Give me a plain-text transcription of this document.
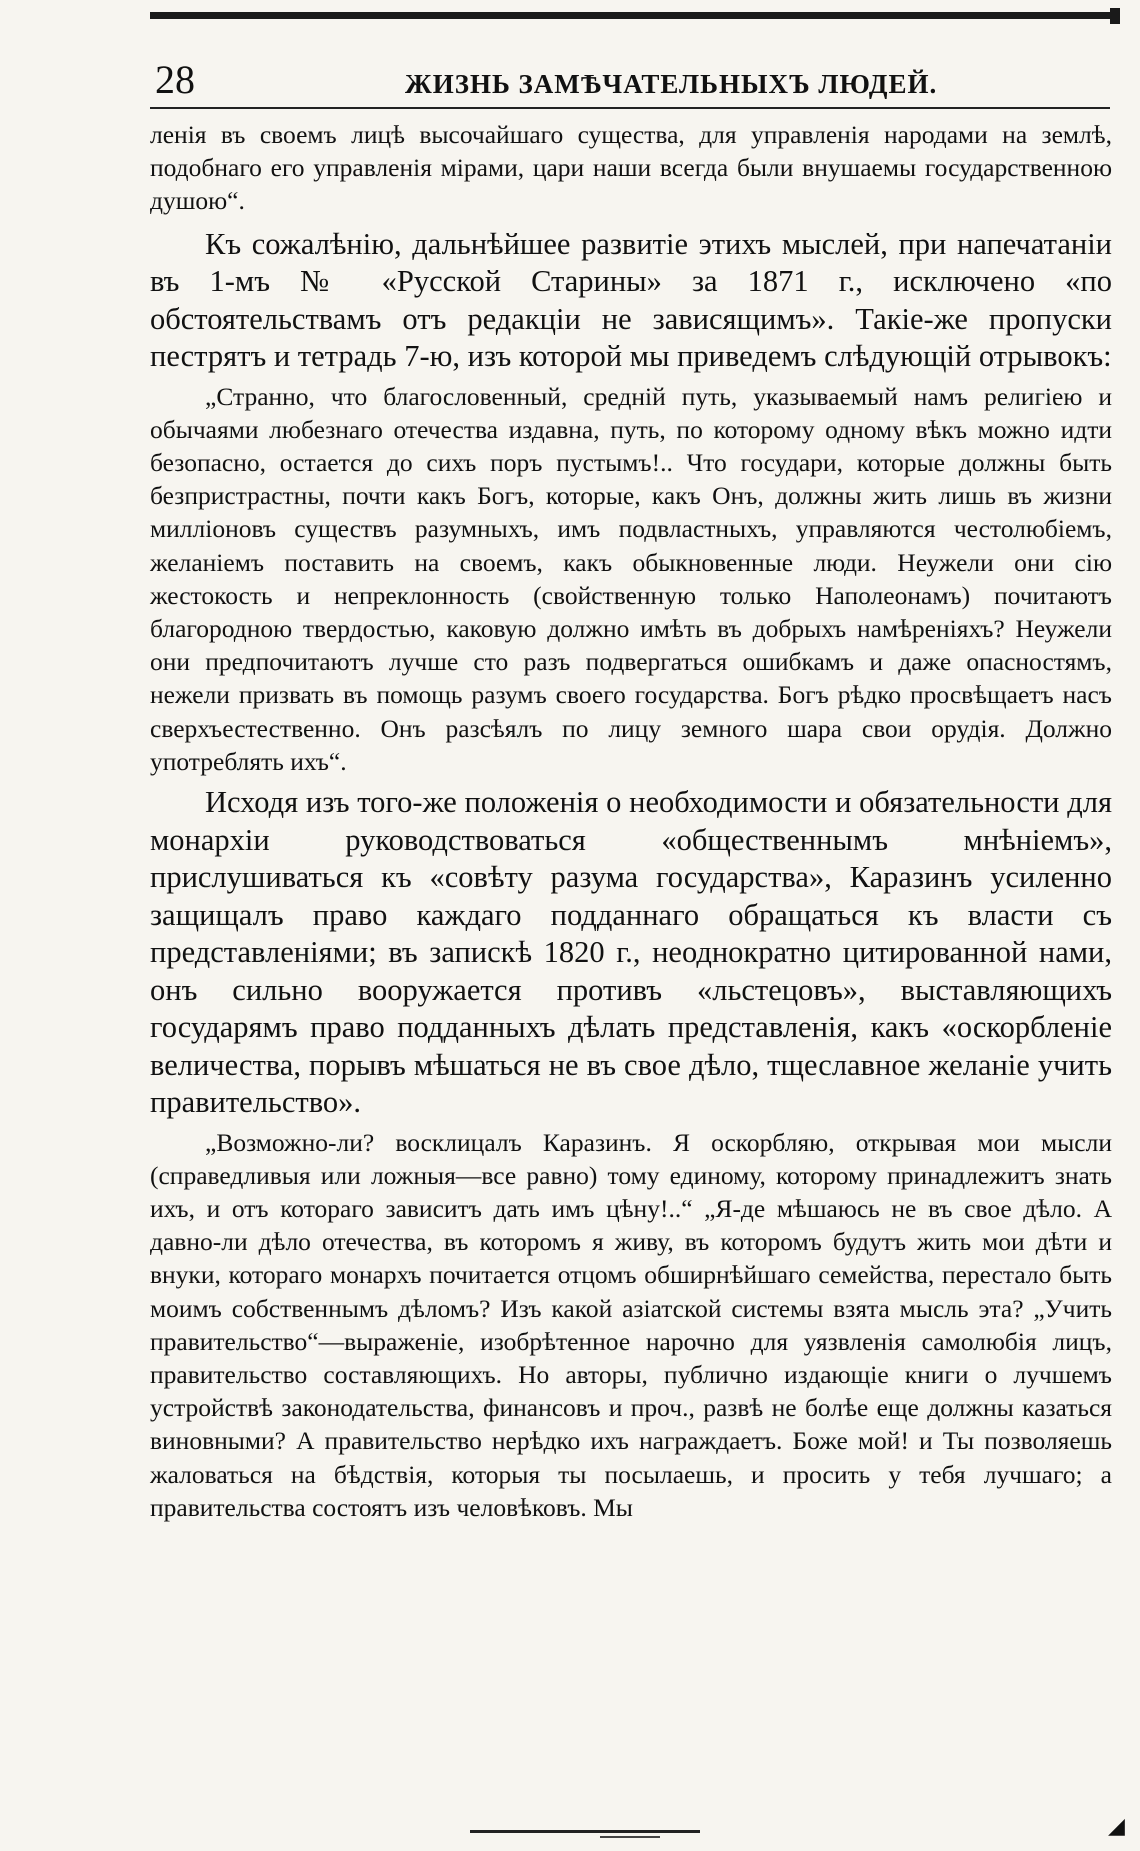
28	ЖИЗНЬ ЗАМѢЧАТЕЛЬНЫХЪ ЛЮДЕЙ.

ленія въ своемъ лицѣ высочайшаго существа, для управленія народами на землѣ, подобнаго его управленія мірами, цари наши всегда были внушаемы государственною душою“.

Къ сожалѣнію, дальнѣйшее развитіе этихъ мыслей, при напечатаніи въ 1-мъ № «Русской Старины» за 1871 г., исключено «по обстоятельствамъ отъ редакціи не зависящимъ». Такіе-же пропуски пестрятъ и тетрадь 7-ю, изъ которой мы приведемъ слѣдующій отрывокъ:

„Странно, что благословенный, средній путь, указываемый намъ религіею и обычаями любезнаго отечества издавна, путь, по которому одному вѣкъ можно идти безопасно, остается до сихъ поръ пустымъ!.. Что государи, которые должны быть безпристрастны, почти какъ Богъ, которые, какъ Онъ, должны жить лишь въ жизни милліоновъ существъ разумныхъ, имъ подвластныхъ, управляются честолюбіемъ, желаніемъ поставить на своемъ, какъ обыкновенные люди. Неужели они сію жестокость и непреклонность (свойственную только Наполеонамъ) почитаютъ благородною твердостью, каковую должно имѣть въ добрыхъ намѣреніяхъ? Неужели они предпочитаютъ лучше сто разъ подвергаться ошибкамъ и даже опасностямъ, нежели призвать въ помощь разумъ своего государства. Богъ рѣдко просвѣщаетъ насъ сверхъестественно. Онъ разсѣялъ по лицу земного шара свои орудія. Должно употреблять ихъ“.

Исходя изъ того-же положенія о необходимости и обязательности для монархіи руководствоваться «общественнымъ мнѣніемъ», прислушиваться къ «совѣту разума государства», Каразинъ усиленно защищалъ право каждаго подданнаго обращаться къ власти съ представленіями; въ запискѣ 1820 г., неоднократно цитированной нами, онъ сильно вооружается противъ «льстецовъ», выставляющихъ государямъ право подданныхъ дѣлать представленія, какъ «оскорбленіе величества, порывъ мѣшаться не въ свое дѣло, тщеславное желаніе учить правительство».

„Возможно-ли? восклицалъ Каразинъ. Я оскорбляю, открывая мои мысли (справедливыя или ложныя—все равно) тому единому, которому принадлежитъ знать ихъ, и отъ котораго зависитъ дать имъ цѣну!..“ „Я-де мѣшаюсь не въ свое дѣло. А давно-ли дѣло отечества, въ которомъ я живу, въ которомъ будутъ жить мои дѣти и внуки, котораго монархъ почитается отцомъ обширнѣйшаго семейства, перестало быть моимъ собственнымъ дѣломъ? Изъ какой азіатской системы взята мысль эта? „Учить правительство“—выраженіе, изобрѣтенное нарочно для уязвленія самолюбія лицъ, правительство составляющихъ. Но авторы, публично издающіе книги о лучшемъ устройствѣ законодательства, финансовъ и проч., развѣ не болѣе еще должны казаться виновными? А правительство нерѣдко ихъ награждаетъ. Боже мой! и Ты позволяешь жаловаться на бѣдствія, которыя ты посылаешь, и просить у тебя лучшаго; а правительства состоятъ изъ человѣковъ. Мы

◢
